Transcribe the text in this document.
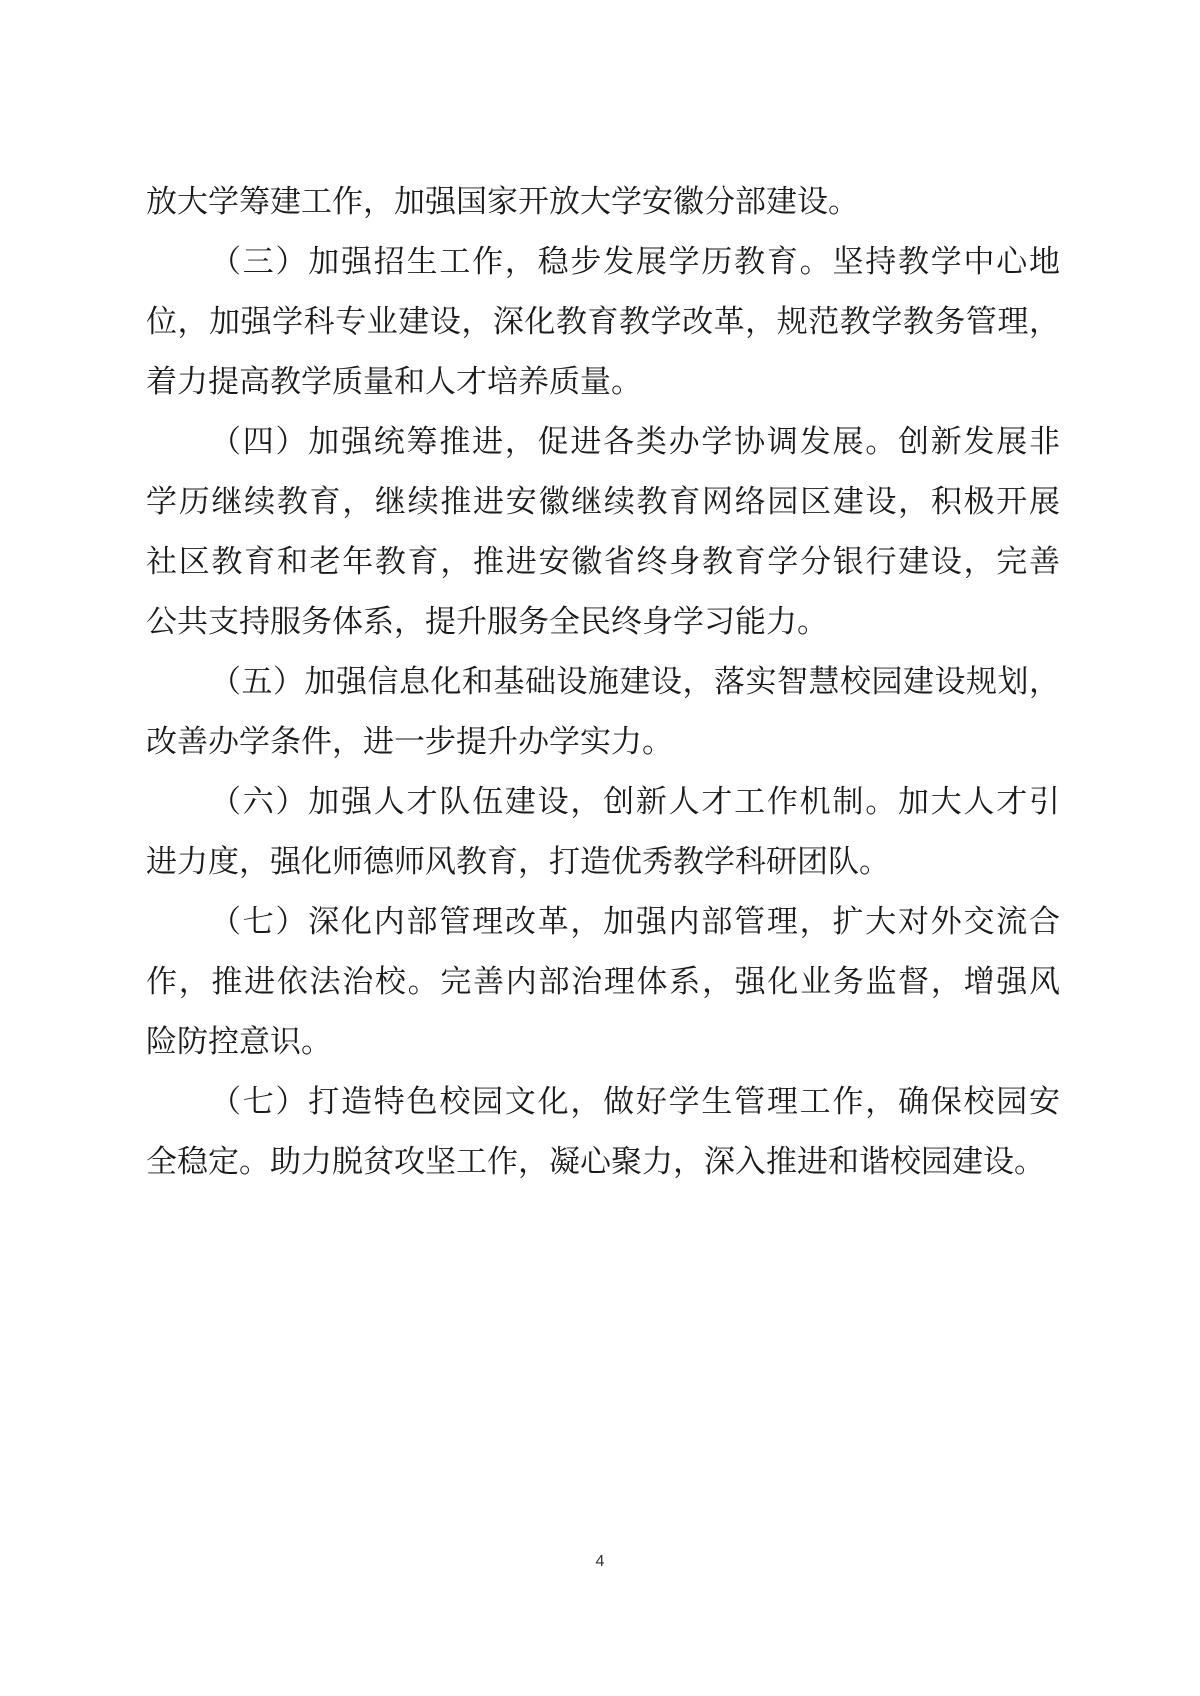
放大学筹建工作，加强国家开放大学安徽分部建设。
（三）加强招生工作，稳步发展学历教育。坚持教学中心地
位，加强学科专业建设，深化教育教学改革，规范教学教务管理，
着力提高教学质量和人才培养质量。
（四）加强统筹推进，促进各类办学协调发展。创新发展非
学历继续教育，继续推进安徽继续教育网络园区建设，积极开展
社区教育和老年教育，推进安徽省终身教育学分银行建设，完善
公共支持服务体系，提升服务全民终身学习能力。
（五）加强信息化和基础设施建设，落实智慧校园建设规划，
改善办学条件，进一步提升办学实力。
（六）加强人才队伍建设，创新人才工作机制。加大人才引
进力度，强化师德师风教育，打造优秀教学科研团队。
（七）深化内部管理改革，加强内部管理，扩大对外交流合
作，推进依法治校。完善内部治理体系，强化业务监督，增强风
险防控意识。
（七）打造特色校园文化，做好学生管理工作，确保校园安
全稳定。助力脱贫攻坚工作，凝心聚力，深入推进和谐校园建设。
4
